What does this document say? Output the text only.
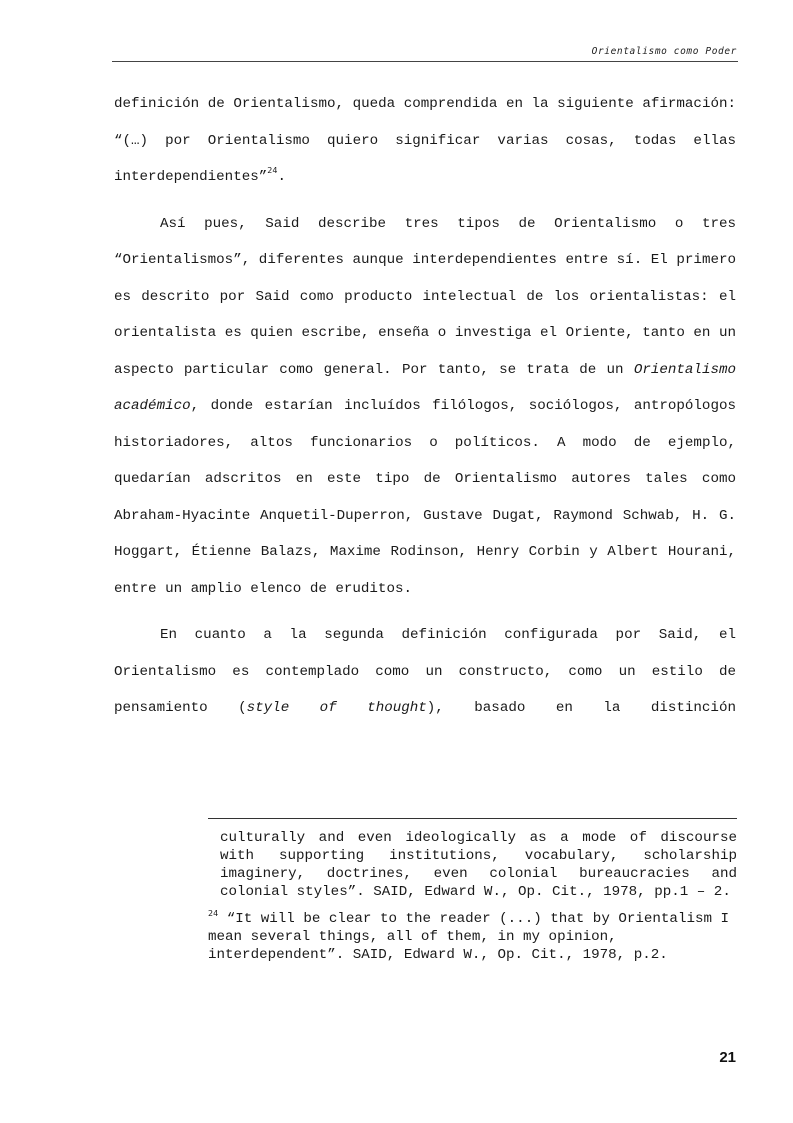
Orientalismo como Poder

definición de Orientalismo, queda comprendida en la siguiente afirmación: “(…) por Orientalismo quiero significar varias cosas, todas ellas interdependientes”$^{24}$.

Así pues, Said describe tres tipos de Orientalismo o tres “Orientalismos”, diferentes aunque interdependientes entre sí. El primero es descrito por Said como producto intelectual de los orientalistas: el orientalista es quien escribe, enseña o investiga el Oriente, tanto en un aspecto particular como general. Por tanto, se trata de un Orientalismo académico, donde estarían incluídos filólogos, sociólogos, antropólogos historiadores, altos funcionarios o políticos. A modo de ejemplo, quedarían adscritos en este tipo de Orientalismo autores tales como Abraham-Hyacinte Anquetil-Duperron, Gustave Dugat, Raymond Schwab, H. G. Hoggart, Étienne Balazs, Maxime Rodinson, Henry Corbin y Albert Hourani, entre un amplio elenco de eruditos.

En cuanto a la segunda definición configurada por Said, el Orientalismo es contemplado como un constructo, como un estilo de pensamiento (style of thought), basado en la distinción

culturally and even ideologically as a mode of discourse with supporting institutions, vocabulary, scholarship imaginery, doctrines, even colonial bureaucracies and colonial styles”. SAID, Edward W., Op. Cit., 1978, pp.1 – 2.

$^{24}$ “It will be clear to the reader (...) that by Orientalism I mean several things, all of them, in my opinion, interdependent”. SAID, Edward W., Op. Cit., 1978, p.2.

21
